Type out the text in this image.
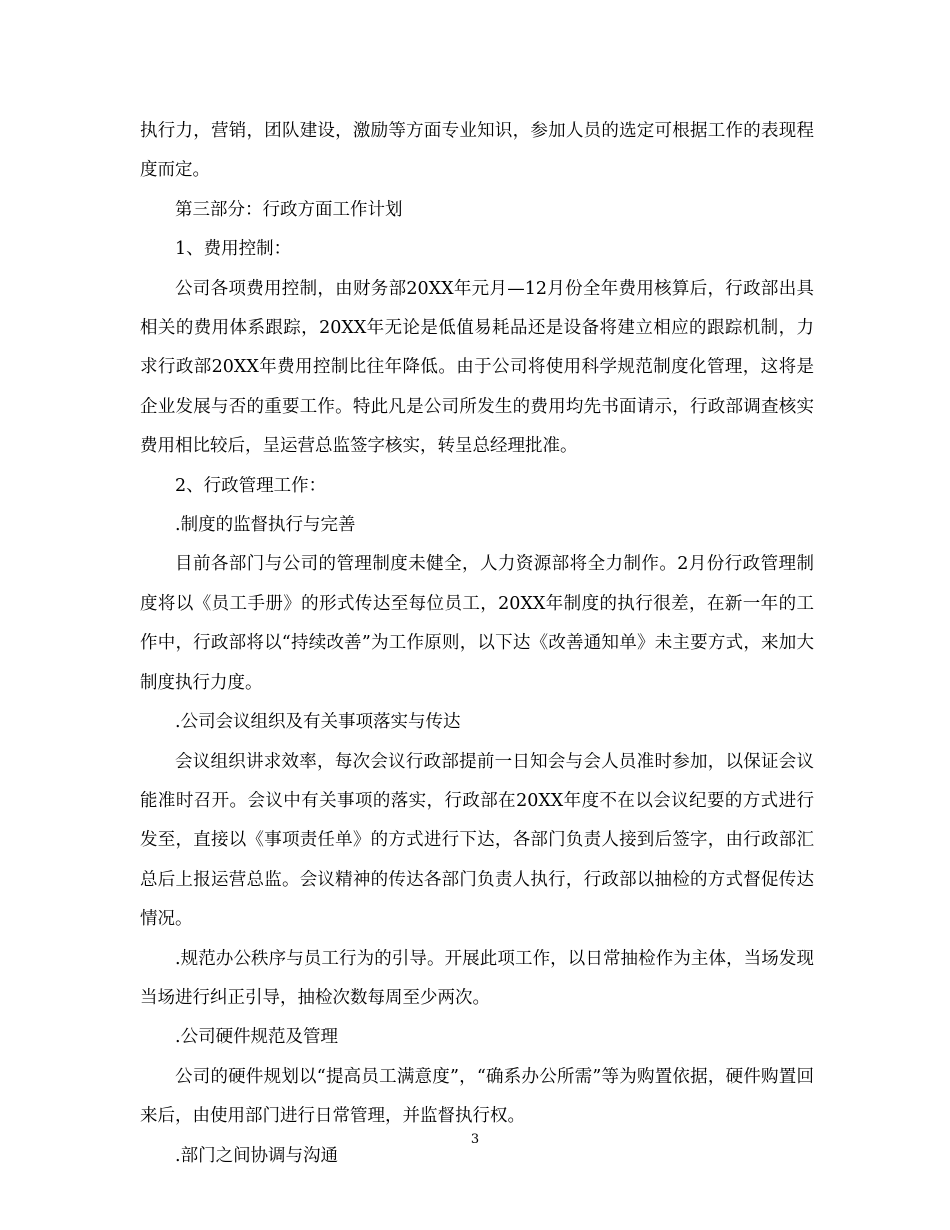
执行力，营销，团队建设，激励等方面专业知识，参加人员的选定可根据工作的表现程度而定。

第三部分：行政方面工作计划

1、费用控制：

公司各项费用控制，由财务部20XX年元月—12月份全年费用核算后，行政部出具相关的费用体系跟踪，20XX年无论是低值易耗品还是设备将建立相应的跟踪机制，力求行政部20XX年费用控制比往年降低。由于公司将使用科学规范制度化管理，这将是企业发展与否的重要工作。特此凡是公司所发生的费用均先书面请示，行政部调查核实费用相比较后，呈运营总监签字核实，转呈总经理批准。

2、行政管理工作：

.制度的监督执行与完善

目前各部门与公司的管理制度未健全，人力资源部将全力制作。2月份行政管理制度将以《员工手册》的形式传达至每位员工，20XX年制度的执行很差，在新一年的工作中，行政部将以“持续改善”为工作原则，以下达《改善通知单》未主要方式，来加大制度执行力度。

.公司会议组织及有关事项落实与传达

会议组织讲求效率，每次会议行政部提前一日知会与会人员准时参加，以保证会议能准时召开。会议中有关事项的落实，行政部在20XX年度不在以会议纪要的方式进行发至，直接以《事项责任单》的方式进行下达，各部门负责人接到后签字，由行政部汇总后上报运营总监。会议精神的传达各部门负责人执行，行政部以抽检的方式督促传达情况。

.规范办公秩序与员工行为的引导。开展此项工作，以日常抽检作为主体，当场发现当场进行纠正引导，抽检次数每周至少两次。

.公司硬件规范及管理

公司的硬件规划以“提高员工满意度”，“确系办公所需”等为购置依据，硬件购置回来后，由使用部门进行日常管理，并监督执行权。

.部门之间协调与沟通

3
